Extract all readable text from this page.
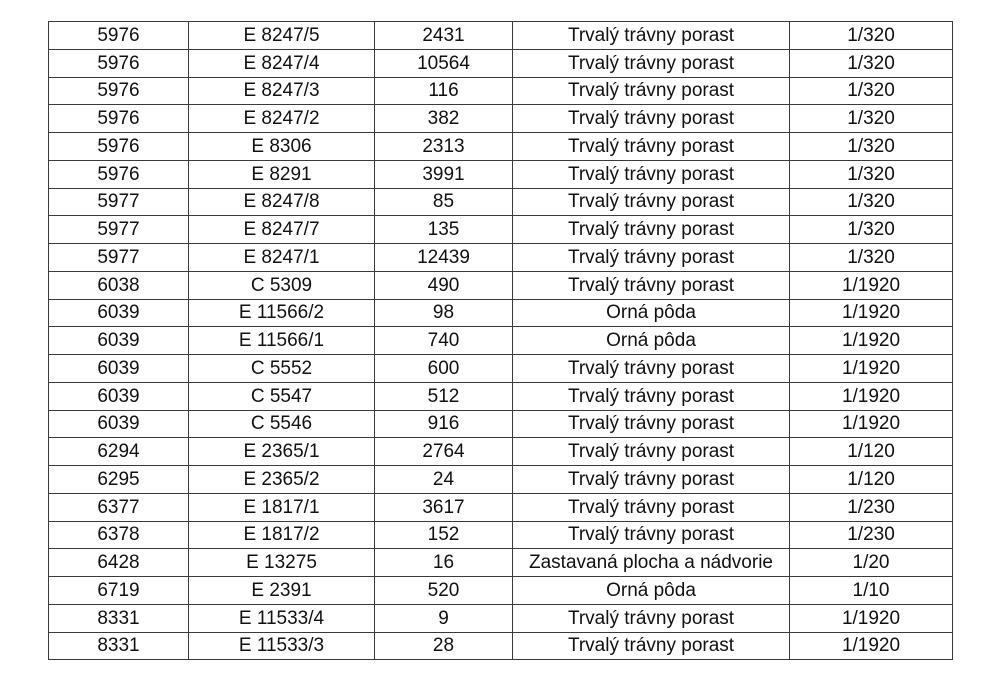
5976	E 8247/5	2431	Trvalý trávny porast	1/320
5976	E 8247/4	10564	Trvalý trávny porast	1/320
5976	E 8247/3	116	Trvalý trávny porast	1/320
5976	E 8247/2	382	Trvalý trávny porast	1/320
5976	E 8306	2313	Trvalý trávny porast	1/320
5976	E 8291	3991	Trvalý trávny porast	1/320
5977	E 8247/8	85	Trvalý trávny porast	1/320
5977	E 8247/7	135	Trvalý trávny porast	1/320
5977	E 8247/1	12439	Trvalý trávny porast	1/320
6038	C 5309	490	Trvalý trávny porast	1/1920
6039	E 11566/2	98	Orná pôda	1/1920
6039	E 11566/1	740	Orná pôda	1/1920
6039	C 5552	600	Trvalý trávny porast	1/1920
6039	C 5547	512	Trvalý trávny porast	1/1920
6039	C 5546	916	Trvalý trávny porast	1/1920
6294	E 2365/1	2764	Trvalý trávny porast	1/120
6295	E 2365/2	24	Trvalý trávny porast	1/120
6377	E 1817/1	3617	Trvalý trávny porast	1/230
6378	E 1817/2	152	Trvalý trávny porast	1/230
6428	E 13275	16	Zastavaná plocha a nádvorie	1/20
6719	E 2391	520	Orná pôda	1/10
8331	E 11533/4	9	Trvalý trávny porast	1/1920
8331	E 11533/3	28	Trvalý trávny porast	1/1920
